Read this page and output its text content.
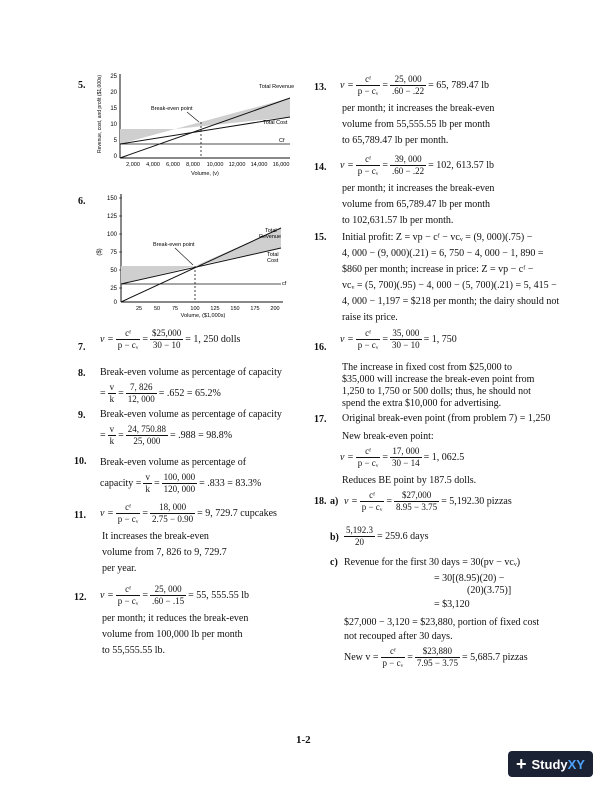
5. Revenue, cost, and profit ($1,000s) 25
20
15
10
5
0
Break-even point
Total Revenue
Total Cost
Cf
2,000 4,000 6,000 8,000 10,000 12,000 14,000 16,000
Volume, (v)
6.
($)
150
125
100
75
50
25
0
Break-even point
Total
Revenue
Total
Cost
cf
25 50 75 100 125 150 175 200
Volume, ($1,000s)
7.
$v = \frac{\text{cᶠ}}{\text{p − cᵥ}} = \frac{\$25,000}{30 - 10} = 1$, 250 dolls
8. Break-even volume as percentage of capacity
= $\frac{v}{k} = \frac{7, 826}{12, 000} = .652 = 65.2\%$
9. Break-even volume as percentage of capacity
= $\frac{v}{k} = \frac{24, 750.88}{25, 000} = .988 = 98.8\%$
10. Break-even volume as percentage of
capacity = $\frac{v}{k} = \frac{100, 000}{120, 000} = .833 = 83.3\%$
11. $v = \frac{\text{cᶠ}}{\text{p − cᵥ}} = \frac{18, 000}{2.75 - 0.90} = 9$, 729.7 cupcakes
It increases the break-even
volume from 7, 826 to 9, 729.7
per year.
12. $v = \frac{\text{cᶠ}}{\text{p − cᵥ}} = \frac{25, 000}{.60 - .15} = 55$, 555.55 lb
per month; it reduces the break-even
volume from 100,000 lb per month
to 55,555.55 lb.
13. $v = \frac{\text{cᶠ}}{\text{p − cᵥ}} = \frac{25, 000}{.60 - .22} = 65$, 789.47 lb
per month; it increases the break-even
volume from 55,555.55 lb per month
to 65,789.47 lb per month.
14. $v = \frac{\text{cᶠ}}{\text{p − cᵥ}} = \frac{39, 000}{.60 - .22} = 102$, 613.57 lb
per month; it increases the break-even
volume from 65,789.47 lb per month
to 102,631.57 lb per month.
15. Initial profit: Z = vp − cᶠ − vcᵥ = (9, 000)(.75) −
4, 000 − (9, 000)(.21) = 6, 750 − 4, 000 − 1, 890 =
$860 per month; increase in price: Z = vp − cᶠ −
vcᵥ = (5, 700)(.95) − 4, 000 − (5, 700)(.21) = 5, 415 −
4, 000 − 1,197 = $218 per month; the dairy should not
raise its price.
16.
$v = \frac{\text{cᶠ}}{\text{p − cᵥ}} = \frac{35, 000}{30 - 10} = 1$, 750
The increase in fixed cost from $25,000 to
$35,000 will increase the break-even point from
1,250 to 1,750 or 500 dolls; thus, he should not
spend the extra $10,000 for advertising.
17. Original break-even point (from problem 7) = 1,250
New break-even point:
$v = \frac{\text{cᶠ}}{\text{p − cᵥ}} = \frac{17, 000}{30 - 14} = 1$, 062.5
Reduces BE point by 187.5 dolls.
18. a) $v = \frac{\text{cᶠ}}{\text{p − cᵥ}} = \frac{\$27,000}{8.95 - 3.75} = 5,192.30$ pizzas
$b) \frac{5,192.3}{20} = 259.6$ days
c) Revenue for the first 30 days = 30(pv − vcᵥ)
= 30[(8.95)(20) −
(20)(3.75)]
= $3,120
$27,000 − 3,120 = $23,880, portion of fixed cost
not recouped after 30 days.
New $v = \frac{\text{cᶠ}}{\text{p − cᵥ}} = \frac{\$23,880}{7.95 - 3.75} = 5,685.7$ pizzas
1-2
+ StudyXY
